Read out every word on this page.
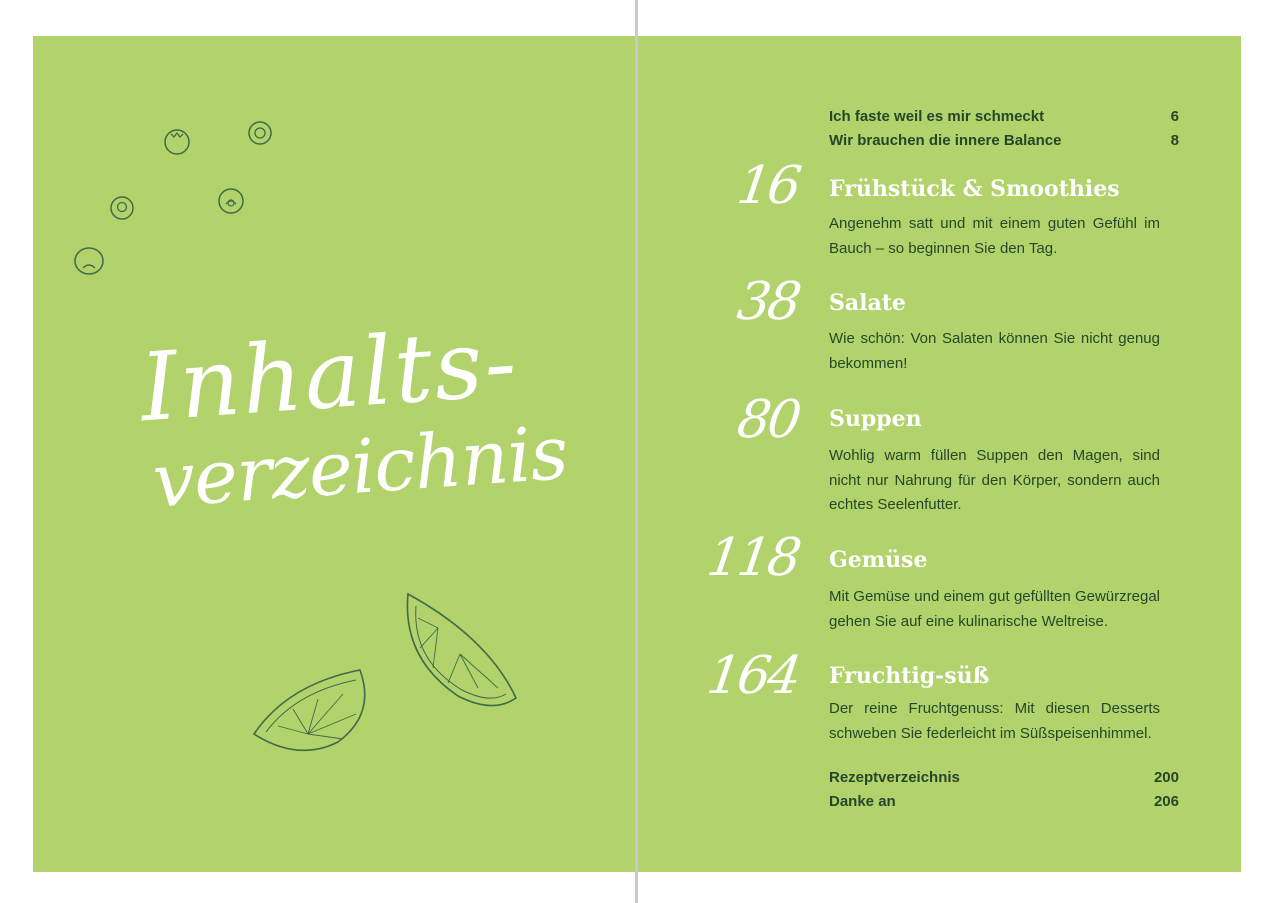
Inhalts-
verzeichnis
Ich faste weil es mir schmeckt	6
Wir brauchen die innere Balance	8
16 Frühstück & Smoothies
Angenehm satt und mit einem guten Gefühl im Bauch – so beginnen Sie den Tag.
38 Salate
Wie schön: Von Salaten können Sie nicht genug bekommen!
80 Suppen
Wohlig warm füllen Suppen den Magen, sind nicht nur Nahrung für den Körper, sondern auch echtes Seelenfutter.
118 Gemüse
Mit Gemüse und einem gut gefüllten Gewürzregal gehen Sie auf eine kulinarische Weltreise.
164 Fruchtig-süß
Der reine Fruchtgenuss: Mit diesen Desserts schweben Sie federleicht im Süßspeisenhimmel.
Rezeptverzeichnis	200
Danke an	206
